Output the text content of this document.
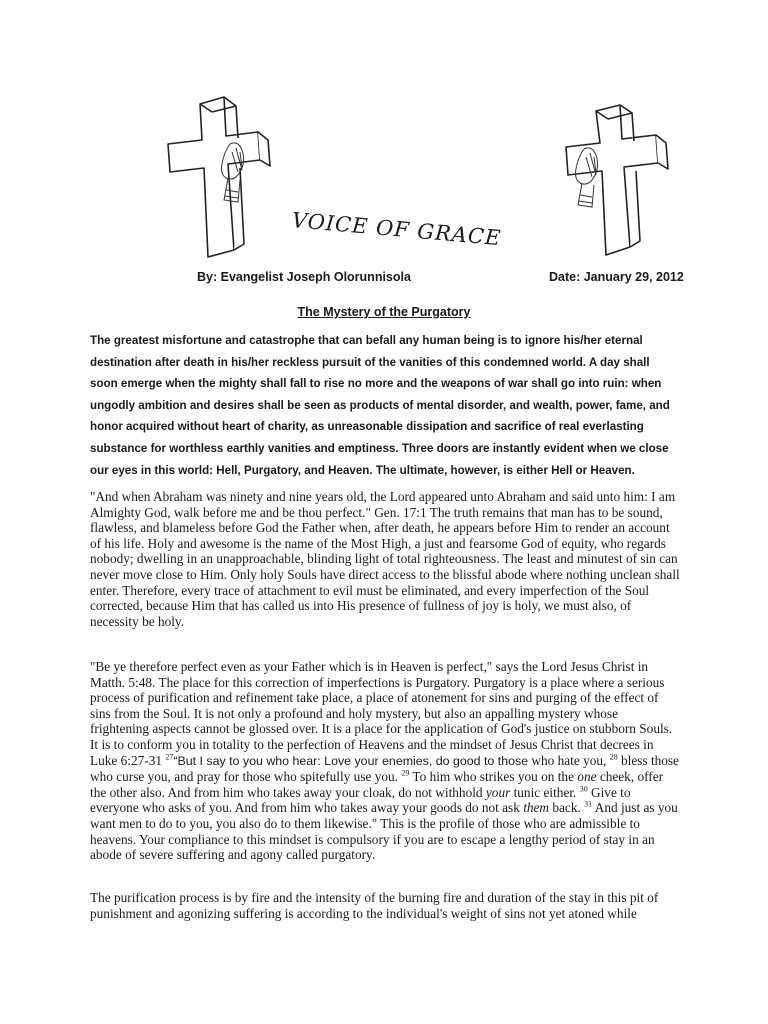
VOICE OF GRACE
By: Evangelist Joseph Olorunnisola	Date: January 29, 2012
The Mystery of the Purgatory

The greatest misfortune and catastrophe that can befall any human being is to ignore his/her eternal destination after death in his/her reckless pursuit of the vanities of this condemned world. A day shall soon emerge when the mighty shall fall to rise no more and the weapons of war shall go into ruin: when ungodly ambition and desires shall be seen as products of mental disorder, and wealth, power, fame, and honor acquired without heart of charity, as unreasonable dissipation and sacrifice of real everlasting substance for worthless earthly vanities and emptiness. Three doors are instantly evident when we close our eyes in this world: Hell, Purgatory, and Heaven. The ultimate, however, is either Hell or Heaven.

"And when Abraham was ninety and nine years old, the Lord appeared unto Abraham and said unto him: I am Almighty God, walk before me and be thou perfect." Gen. 17:1 The truth remains that man has to be sound, flawless, and blameless before God the Father when, after death, he appears before Him to render an account of his life. Holy and awesome is the name of the Most High, a just and fearsome God of equity, who regards nobody; dwelling in an unapproachable, blinding light of total righteousness. The least and minutest of sin can never move close to Him. Only holy Souls have direct access to the blissful abode where nothing unclean shall enter. Therefore, every trace of attachment to evil must be eliminated, and every imperfection of the Soul corrected, because Him that has called us into His presence of fullness of joy is holy, we must also, of necessity be holy.

"Be ye therefore perfect even as your Father which is in Heaven is perfect," says the Lord Jesus Christ in Matth. 5:48. The place for this correction of imperfections is Purgatory. Purgatory is a place where a serious process of purification and refinement take place, a place of atonement for sins and purging of the effect of sins from the Soul. It is not only a profound and holy mystery, but also an appalling mystery whose frightening aspects cannot be glossed over. It is a place for the application of God's justice on stubborn Souls. It is to conform you in totality to the perfection of Heavens and the mindset of Jesus Christ that decrees in Luke 6:27-31 $^{27}$“But I say to you who hear: Love your enemies, do good to those who hate you, $^{28}$ bless those who curse you, and pray for those who spitefully use you. $^{29}$ To him who strikes you on the one cheek, offer the other also. And from him who takes away your cloak, do not withhold your tunic either. $^{30}$ Give to everyone who asks of you. And from him who takes away your goods do not ask them back. $^{31}$ And just as you want men to do to you, you also do to them likewise." This is the profile of those who are admissible to heavens. Your compliance to this mindset is compulsory if you are to escape a lengthy period of stay in an abode of severe suffering and agony called purgatory.

The purification process is by fire and the intensity of the burning fire and duration of the stay in this pit of punishment and agonizing suffering is according to the individual's weight of sins not yet atoned while
